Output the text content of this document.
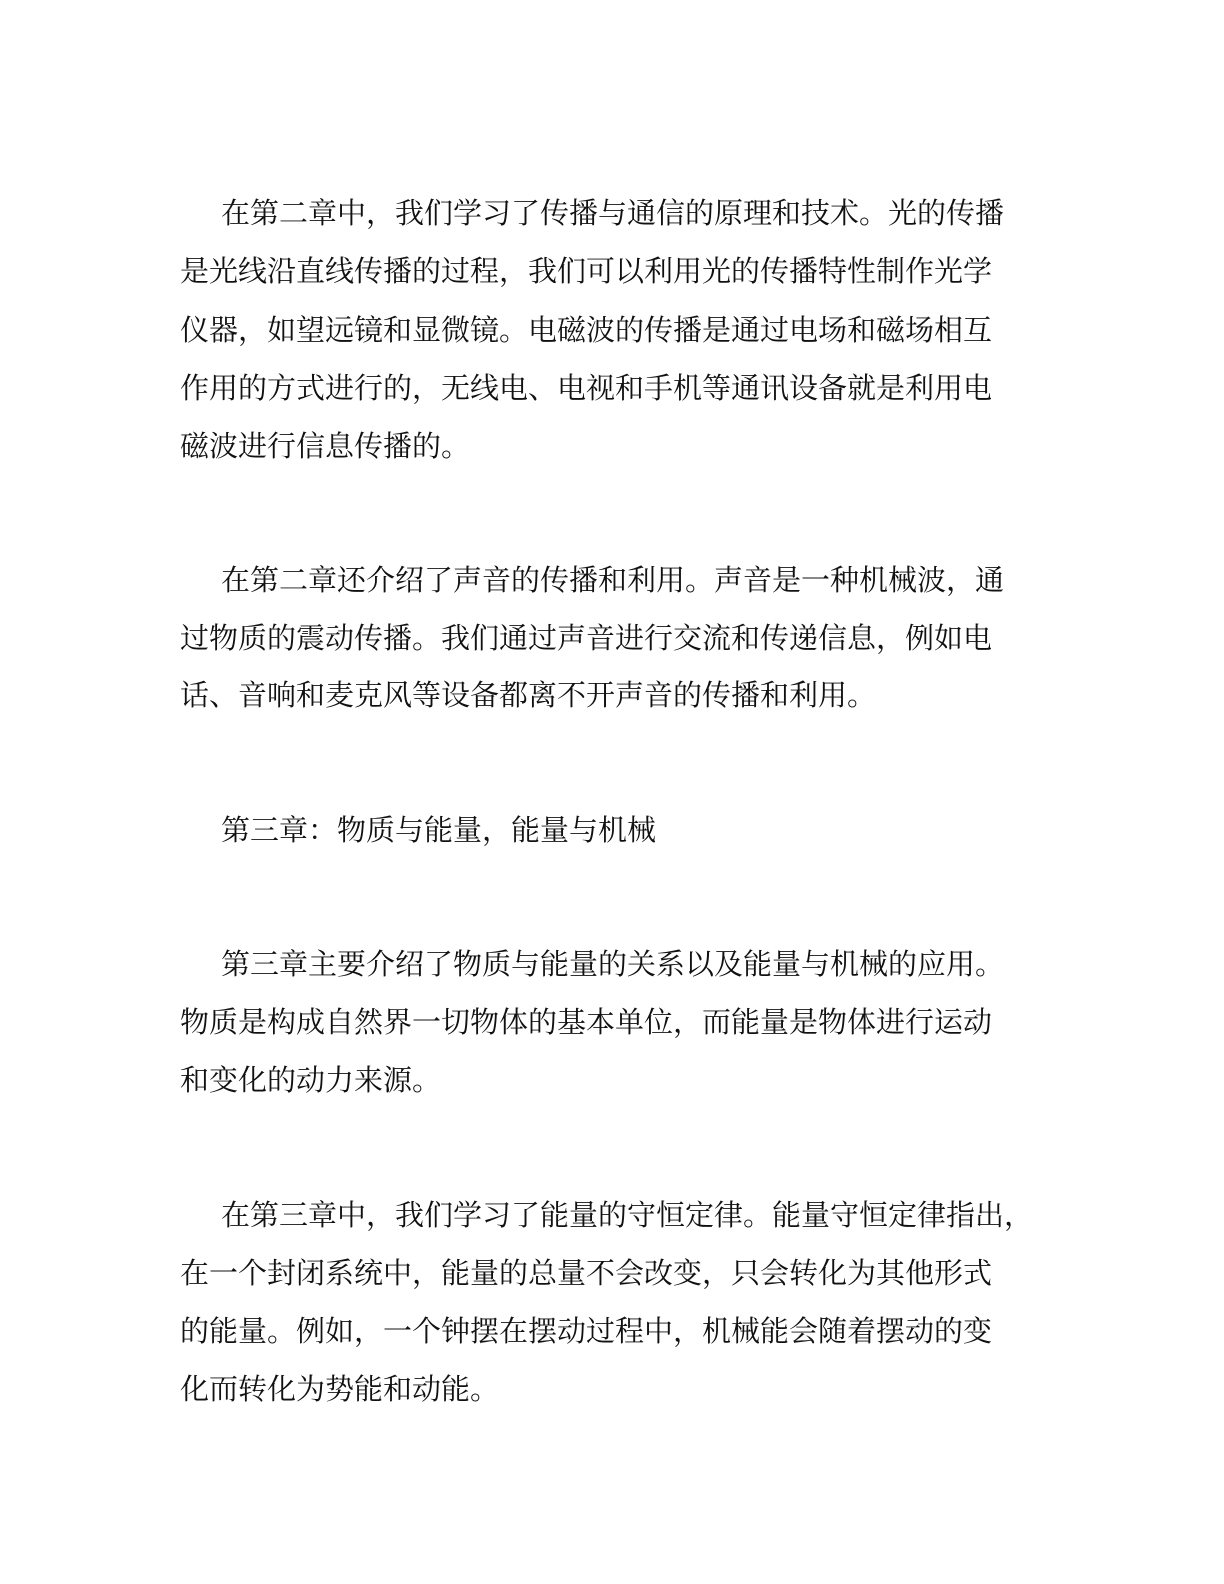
在第二章中，我们学习了传播与通信的原理和技术。光的传播
是光线沿直线传播的过程，我们可以利用光的传播特性制作光学
仪器，如望远镜和显微镜。电磁波的传播是通过电场和磁场相互
作用的方式进行的，无线电、电视和手机等通讯设备就是利用电
磁波进行信息传播的。
在第二章还介绍了声音的传播和利用。声音是一种机械波，通
过物质的震动传播。我们通过声音进行交流和传递信息，例如电
话、音响和麦克风等设备都离不开声音的传播和利用。
第三章：物质与能量，能量与机械
第三章主要介绍了物质与能量的关系以及能量与机械的应用。
物质是构成自然界一切物体的基本单位，而能量是物体进行运动
和变化的动力来源。
在第三章中，我们学习了能量的守恒定律。能量守恒定律指出，
在一个封闭系统中，能量的总量不会改变，只会转化为其他形式
的能量。例如，一个钟摆在摆动过程中，机械能会随着摆动的变
化而转化为势能和动能。
